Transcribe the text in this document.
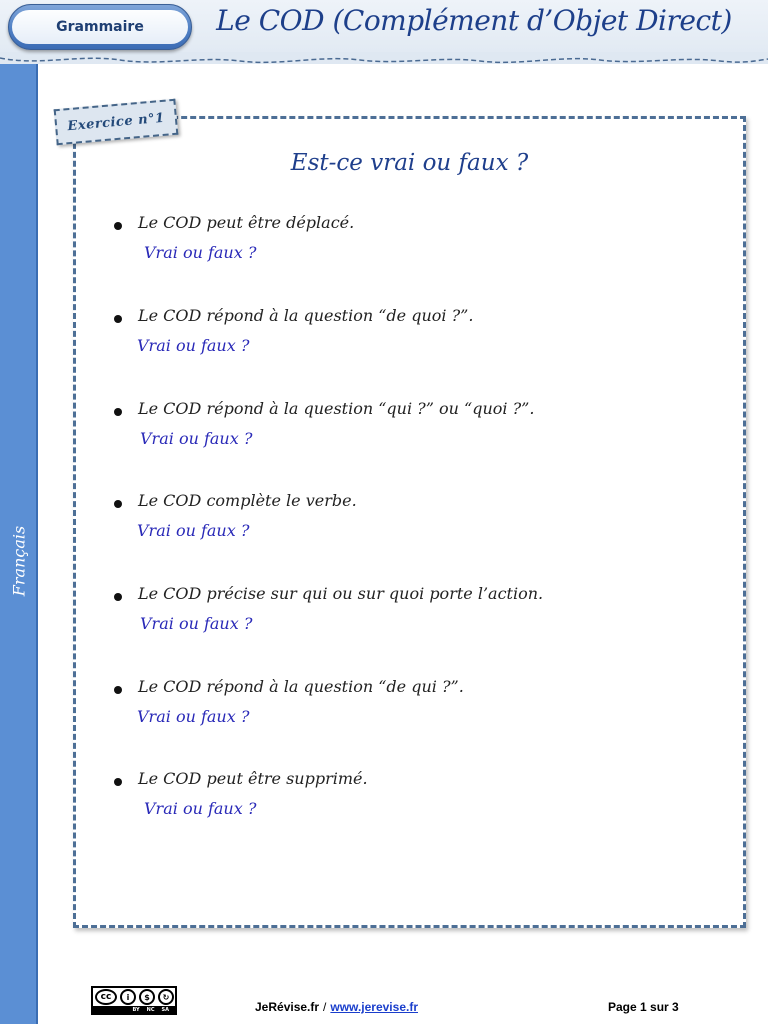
Grammaire	Le COD (Complément d’Objet Direct)
Français
Exercice n°1
Est-ce vrai ou faux ?
Le COD peut être déplacé.
Vrai ou faux ?
Le COD répond à la question “de quoi ?”.
Vrai ou faux ?
Le COD répond à la question “qui ?” ou “quoi ?”.
Vrai ou faux ?
Le COD complète le verbe.
Vrai ou faux ?
Le COD précise sur qui ou sur quoi porte l’action.
Vrai ou faux ?
Le COD répond à la question “de qui ?”.
Vrai ou faux ?
Le COD peut être supprimé.
Vrai ou faux ?
cc	i	$	↻
BY NC SA	JeRévise.fr / www.jerevise.fr	Page 1 sur 3
